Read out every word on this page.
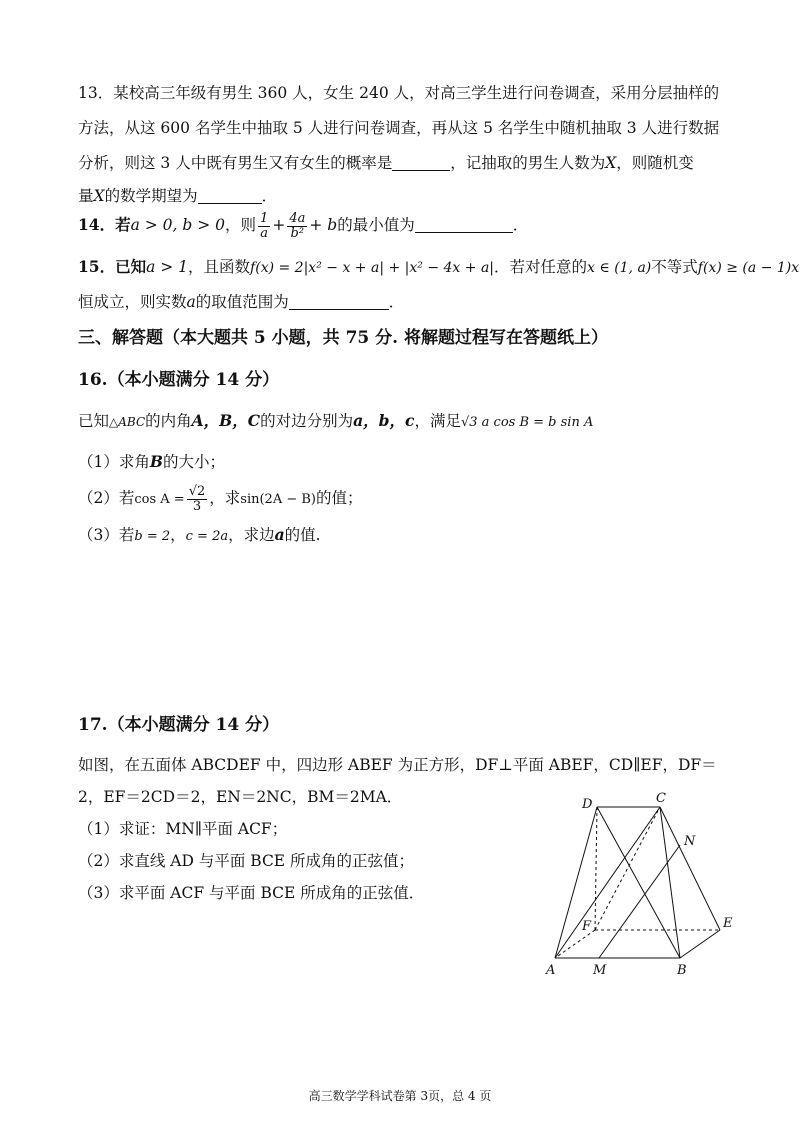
13．某校高三年级有男生 360 人，女生 240 人，对高三学生进行问卷调查，采用分层抽样的
方法，从这 600 名学生中抽取 5 人进行问卷调查，再从这 5 名学生中随机抽取 3 人进行数据
分析，则这 3 人中既有男生又有女生的概率是	，记抽取的男生人数为X，则随机变
量X的数学期望为	．
14．若a > 0, b > 0，则 $\frac{1}{a} + \frac{4a}{\text{b²}} + b$的最小值为	．
15．已知a > 1，且函数f(x) = 2|x² − x + a| + |x² − 4x + a|．若对任意的x ∈ (1, a)不等式f(x) ≥ (a − 1)x
恒成立，则实数a的取值范围为	．
三、解答题（本大题共 5 小题，共 75 分. 将解题过程写在答题纸上）
16.（本小题满分 14 分）
已知△ABC的内角A，B，C的对边分别为a，b，c，满足√3 a cos B = b sin A
（1）求角B的大小；
（2）若$\cos A = \frac{√2}{3}$ ，求sin(2A − B)的值；
（3）若b = 2，c = 2a，求边a的值.
17.（本小题满分 14 分）
如图，在五面体 ABCDEF 中，四边形 ABEF 为正方形，DF⊥平面 ABEF，CD∥EF，DF＝
2，EF＝2CD＝2，EN＝2NC，BM＝2MA．
（1）求证：MN∥平面 ACF；
（2）求直线 AD 与平面 BCE 所成角的正弦值；
（3）求平面 ACF 与平面 BCE 所成角的正弦值．
D	C
N
F	E
A	M	B
高三数学学科试卷第 3页，总 4 页
